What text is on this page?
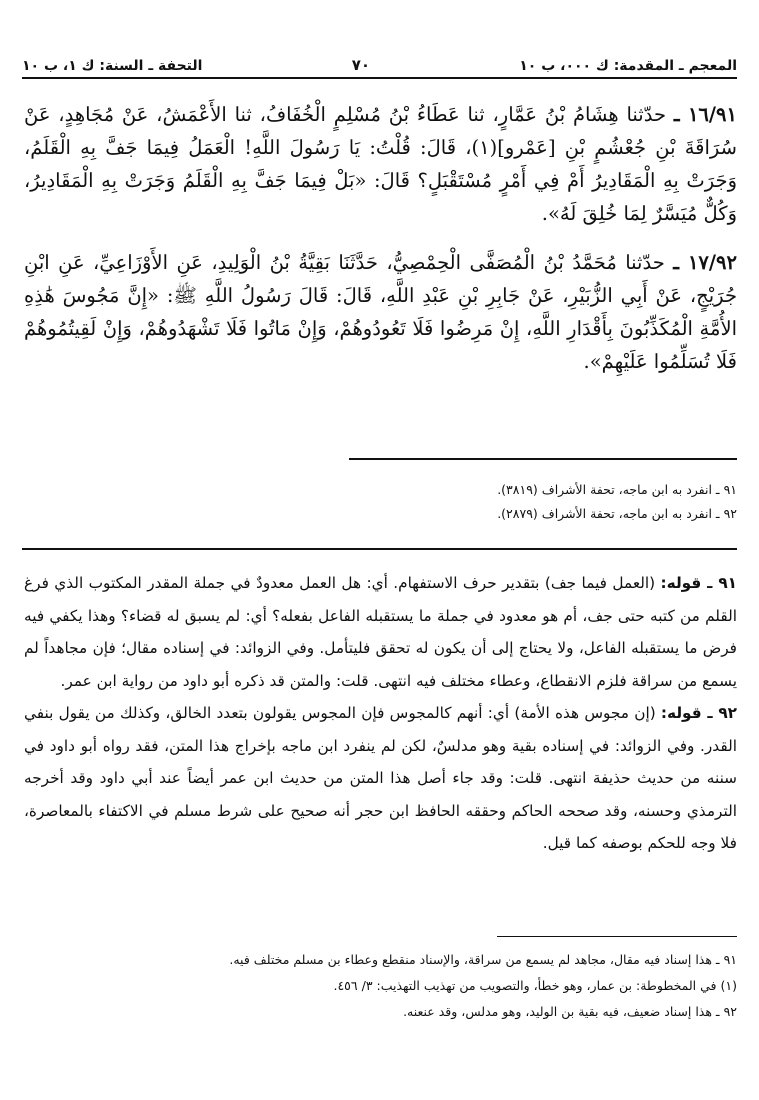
المعجم ـ المقدمة: ك ٠٠٠، ب ١٠
٧٠
التحفة ـ السنة: ك ١، ب ١٠

١٦/٩١ ـ حدّثنا هِشَامُ بْنُ عَمَّارٍ، ثنا عَطَاءُ بْنُ مُسْلِمٍ الْخُفَافُ، ثنا الأَعْمَشُ، عَنْ مُجَاهِدٍ، عَنْ سُرَاقَةَ بْنِ جُعْشُمٍ بْنِ [عَمْرو](١)، قَالَ: قُلْتُ: يَا رَسُولَ اللَّهِ! الْعَمَلُ فِيمَا جَفَّ بِهِ الْقَلَمُ، وَجَرَتْ بِهِ الْمَقَادِيرُ أَمْ فِي أَمْرٍ مُسْتَقْبَلٍ؟ قَالَ: «بَلْ فِيمَا جَفَّ بِهِ الْقَلَمُ وَجَرَتْ بِهِ الْمَقَادِيرُ، وَكُلٌّ مُيَسَّرٌ لِمَا خُلِقَ لَهُ».

١٧/٩٢ ـ حدّثنا مُحَمَّدُ بْنُ الْمُصَفَّى الْحِمْصِيُّ، حَدَّثَنَا بَقِيَّةُ بْنُ الْوَلِيدِ، عَنِ الأَوْزَاعِيِّ، عَنِ ابْنِ جُرَيْجٍ، عَنْ أَبِي الزُّبَيْرِ، عَنْ جَابِرِ بْنِ عَبْدِ اللَّهِ، قَالَ: قَالَ رَسُولُ اللَّهِ ﷺ: «إِنَّ مَجُوسَ هَٰذِهِ الأُمَّةِ الْمُكَذِّبُونَ بِأَقْدَارِ اللَّهِ، إِنْ مَرِضُوا فَلَا تَعُودُوهُمْ، وَإِنْ مَاتُوا فَلَا تَشْهَدُوهُمْ، وَإِنْ لَقِيتُمُوهُمْ فَلَا تُسَلِّمُوا عَلَيْهِمْ».

٩١ ـ انفرد به ابن ماجه، تحفة الأشراف (٣٨١٩).

٩٢ ـ انفرد به ابن ماجه، تحفة الأشراف (٢٨٧٩).

٩١ ـ قوله: (العمل فيما جف) بتقدير حرف الاستفهام. أي: هل العمل معدودٌ في جملة المقدر المكتوب الذي فرغ القلم من كتبه حتى جف، أم هو معدود في جملة ما يستقبله الفاعل بفعله؟ أي: لم يسبق له قضاء؟ وهذا يكفي فيه فرض ما يستقبله الفاعل، ولا يحتاج إلى أن يكون له تحقق فليتأمل. وفي الزوائد: في إسناده مقال؛ فإن مجاهداً لم يسمع من سراقة فلزم الانقطاع، وعطاء مختلف فيه انتهى. قلت: والمتن قد ذكره أبو داود من رواية ابن عمر.

٩٢ ـ قوله: (إن مجوس هذه الأمة) أي: أنهم كالمجوس فإن المجوس يقولون بتعدد الخالق، وكذلك من يقول بنفي القدر. وفي الزوائد: في إسناده بقية وهو مدلسٌ، لكن لم ينفرد ابن ماجه بإخراج هذا المتن، فقد رواه أبو داود في سننه من حديث حذيفة انتهى. قلت: وقد جاء أصل هذا المتن من حديث ابن عمر أيضاً عند أبي داود وقد أخرجه الترمذي وحسنه، وقد صححه الحاكم وحققه الحافظ ابن حجر أنه صحيح على شرط مسلم في الاكتفاء بالمعاصرة، فلا وجه للحكم بوصفه كما قيل.

٩١ ـ هذا إسناد فيه مقال، مجاهد لم يسمع من سراقة، والإسناد منقطع وعطاء بن مسلم مختلف فيه.

(١) في المخطوطة: بن عمار، وهو خطأ، والتصويب من تهذيب التهذيب: ٣/ ٤٥٦.

٩٢ ـ هذا إسناد ضعيف، فيه بقية بن الوليد، وهو مدلس، وقد عنعنه.
